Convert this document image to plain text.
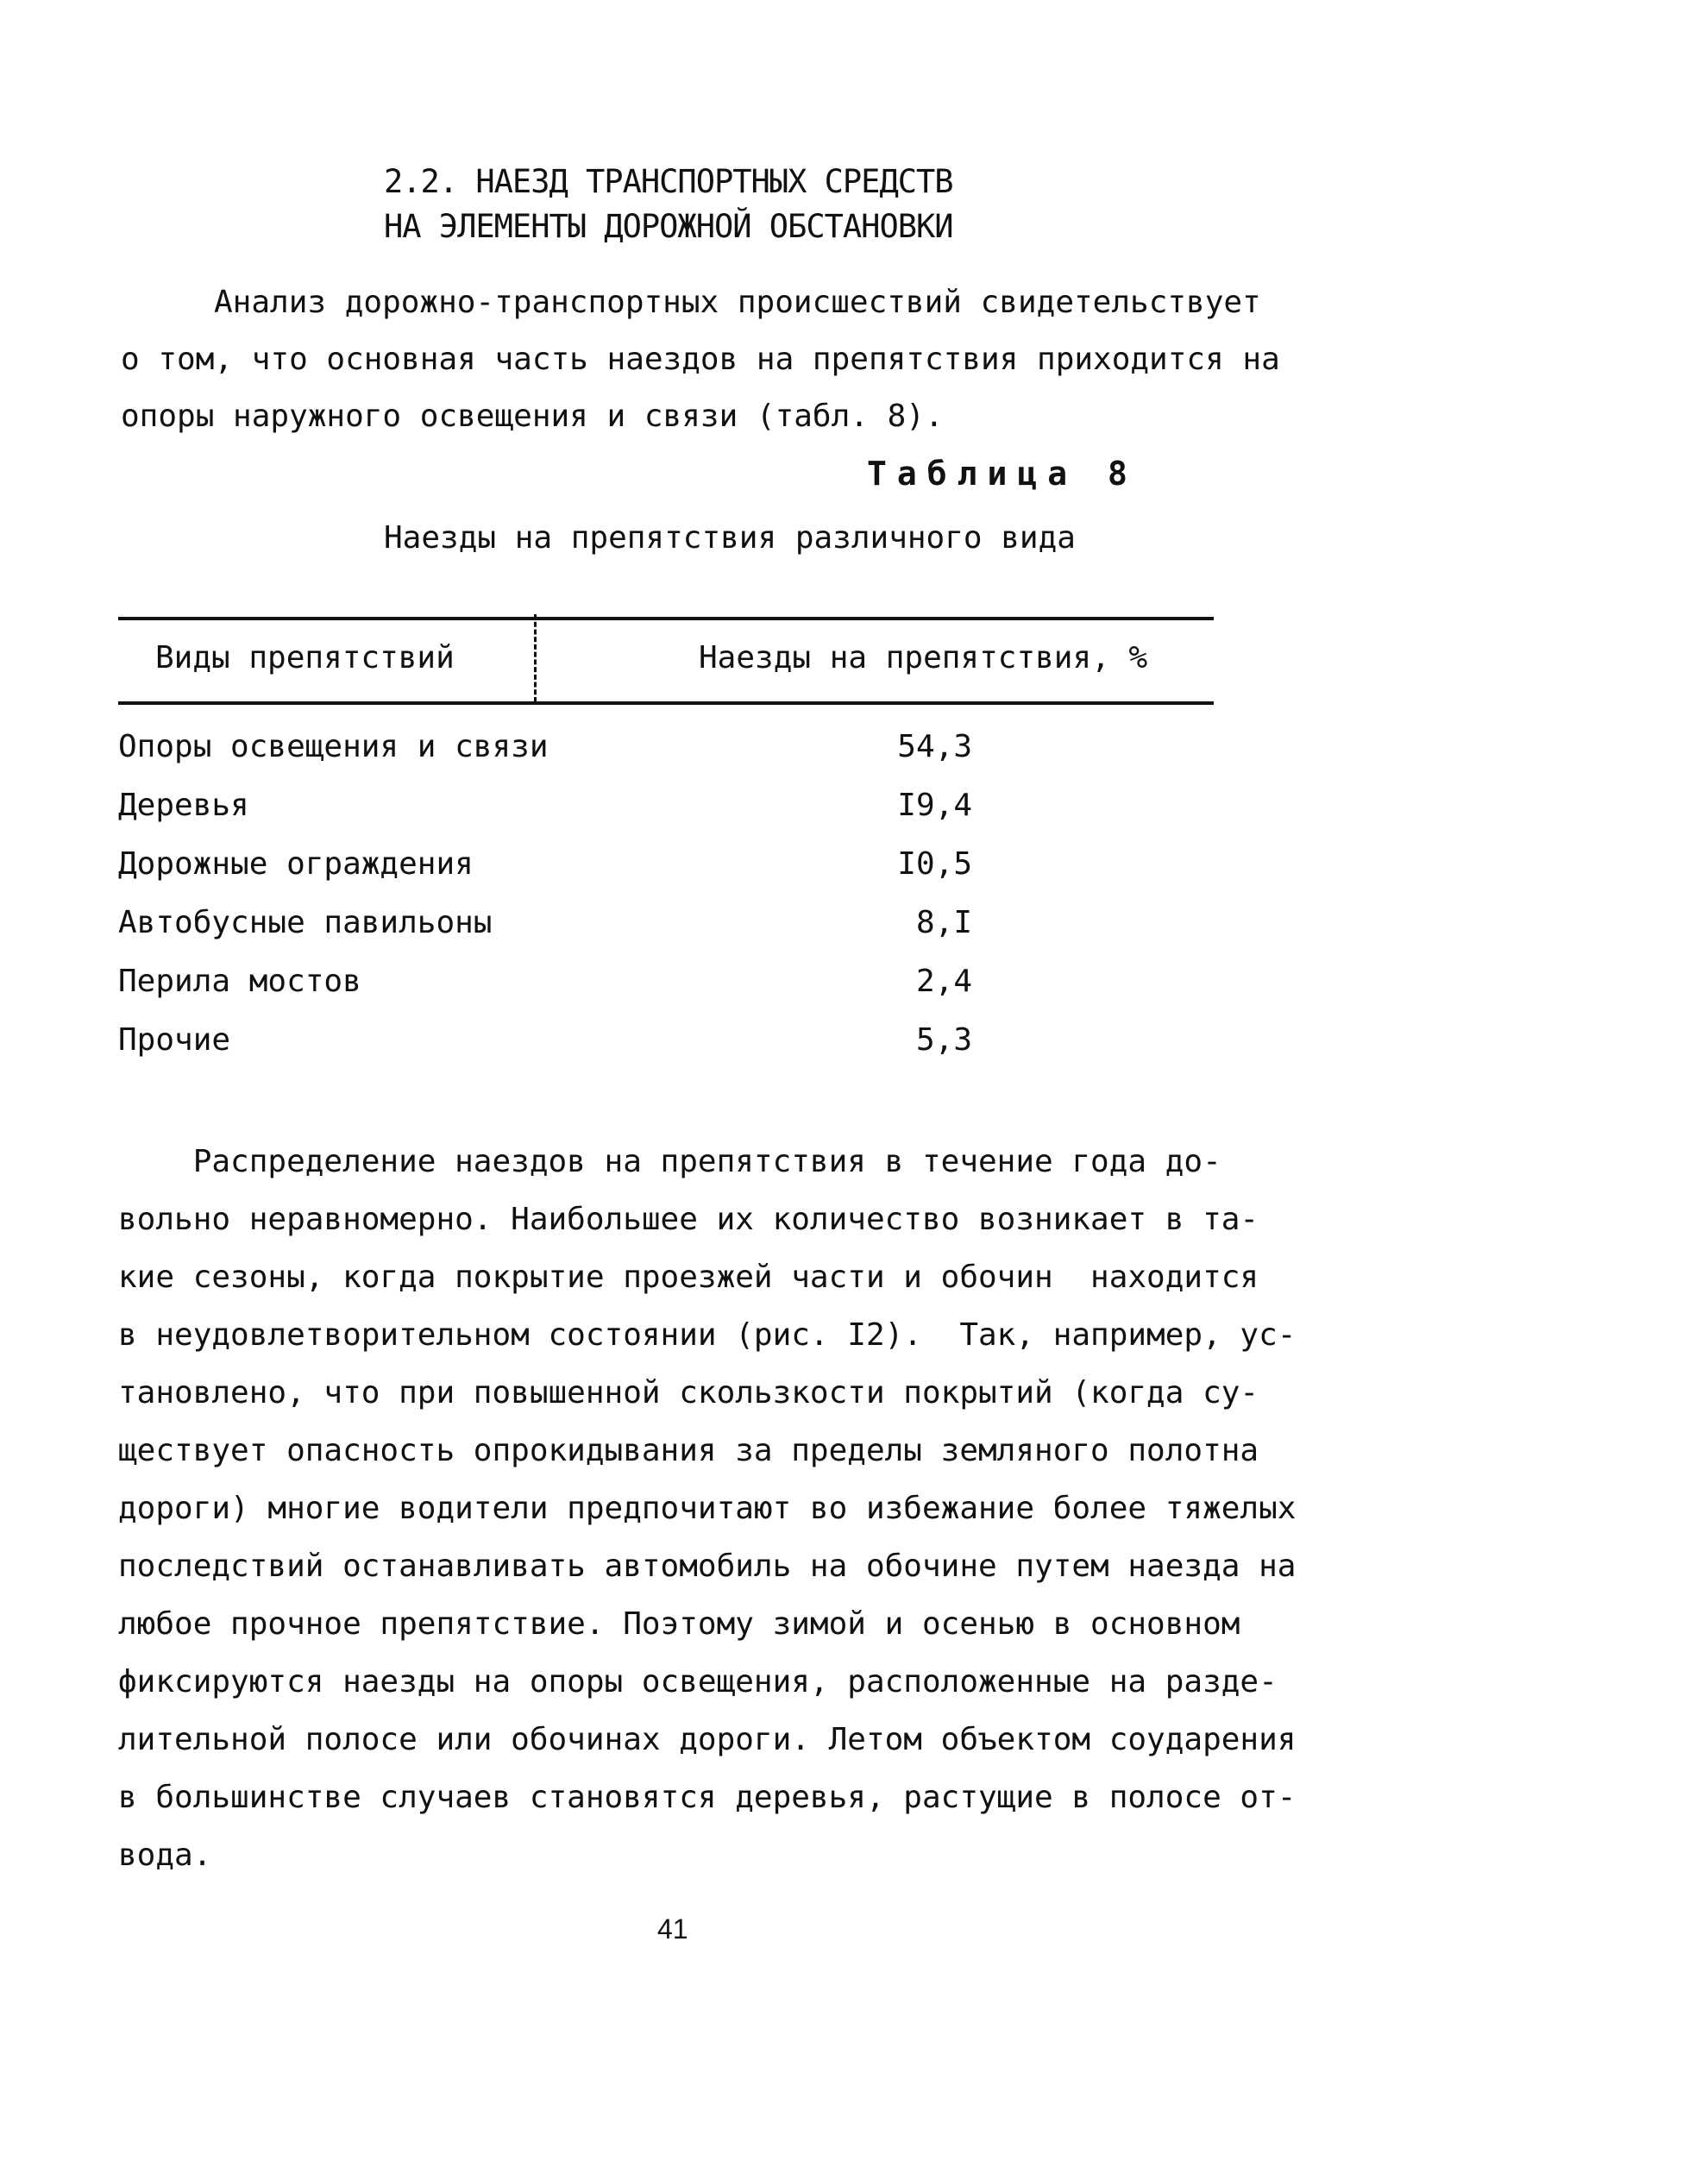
2.2. НАЕЗД ТРАНСПОРТНЫХ СРЕДСТВ
НА ЭЛЕМЕНТЫ ДОРОЖНОЙ ОБСТАНОВКИ
Анализ дорожно-транспортных происшествий свидетельствует
о том, что основная часть наездов на препятствия приходится на
опоры наружного освещения и связи (табл. 8).
Таблица 8
Наезды на препятствия различного вида
Виды препятствий	Наезды на препятствия, %
Опоры освещения и связи	54,3
Деревья	I9,4
Дорожные ограждения	I0,5
Автобусные павильоны	8,I
Перила мостов	2,4
Прочие	5,3
Распределение наездов на препятствия в течение года до-
вольно неравномерно. Наибольшее их количество возникает в та-
кие сезоны, когда покрытие проезжей части и обочин  находится
в неудовлетворительном состоянии (рис. I2).  Так, например, ус-
тановлено, что при повышенной скользкости покрытий (когда су-
ществует опасность опрокидывания за пределы земляного полотна
дороги) многие водители предпочитают во избежание более тяжелых
последствий останавливать автомобиль на обочине путем наезда на
любое прочное препятствие. Поэтому зимой и осенью в основном
фиксируются наезды на опоры освещения, расположенные на разде-
лительной полосе или обочинах дороги. Летом объектом соударения
в большинстве случаев становятся деревья, растущие в полосе от-
вода.
41
